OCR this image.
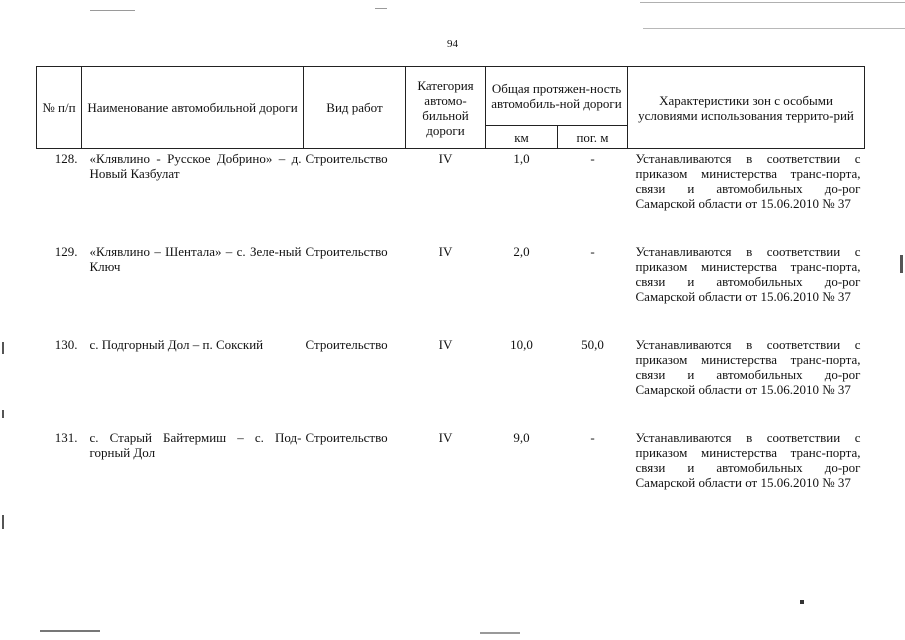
94
№ п/п	Наименование автомобильной дороги	Вид работ	Категория автомо-бильной дороги	Общая протяжен-ность автомобиль-ной дороги		Характеристики зон с особыми условиями использования террито-рий
				км	пог. м	
128.	«Клявлино - Русское Добрино» – д. Новый Казбулат	Строительство	IV	1,0	-	Устанавливаются в соответствии с приказом министерства транс-порта, связи и автомобильных до-рог Самарской области от 15.06.2010 № 37
129.	«Клявлино – Шентала» – с. Зеле-ный Ключ	Строительство	IV	2,0	-	Устанавливаются в соответствии с приказом министерства транс-порта, связи и автомобильных до-рог Самарской области от 15.06.2010 № 37
130.	с. Подгорный Дол – п. Сокский	Строительство	IV	10,0	50,0	Устанавливаются в соответствии с приказом министерства транс-порта, связи и автомобильных до-рог Самарской области от 15.06.2010 № 37
131.	с. Старый Байтермиш – с. Под-горный Дол	Строительство	IV	9,0	-	Устанавливаются в соответствии с приказом министерства транс-порта, связи и автомобильных до-рог Самарской области от 15.06.2010 № 37
